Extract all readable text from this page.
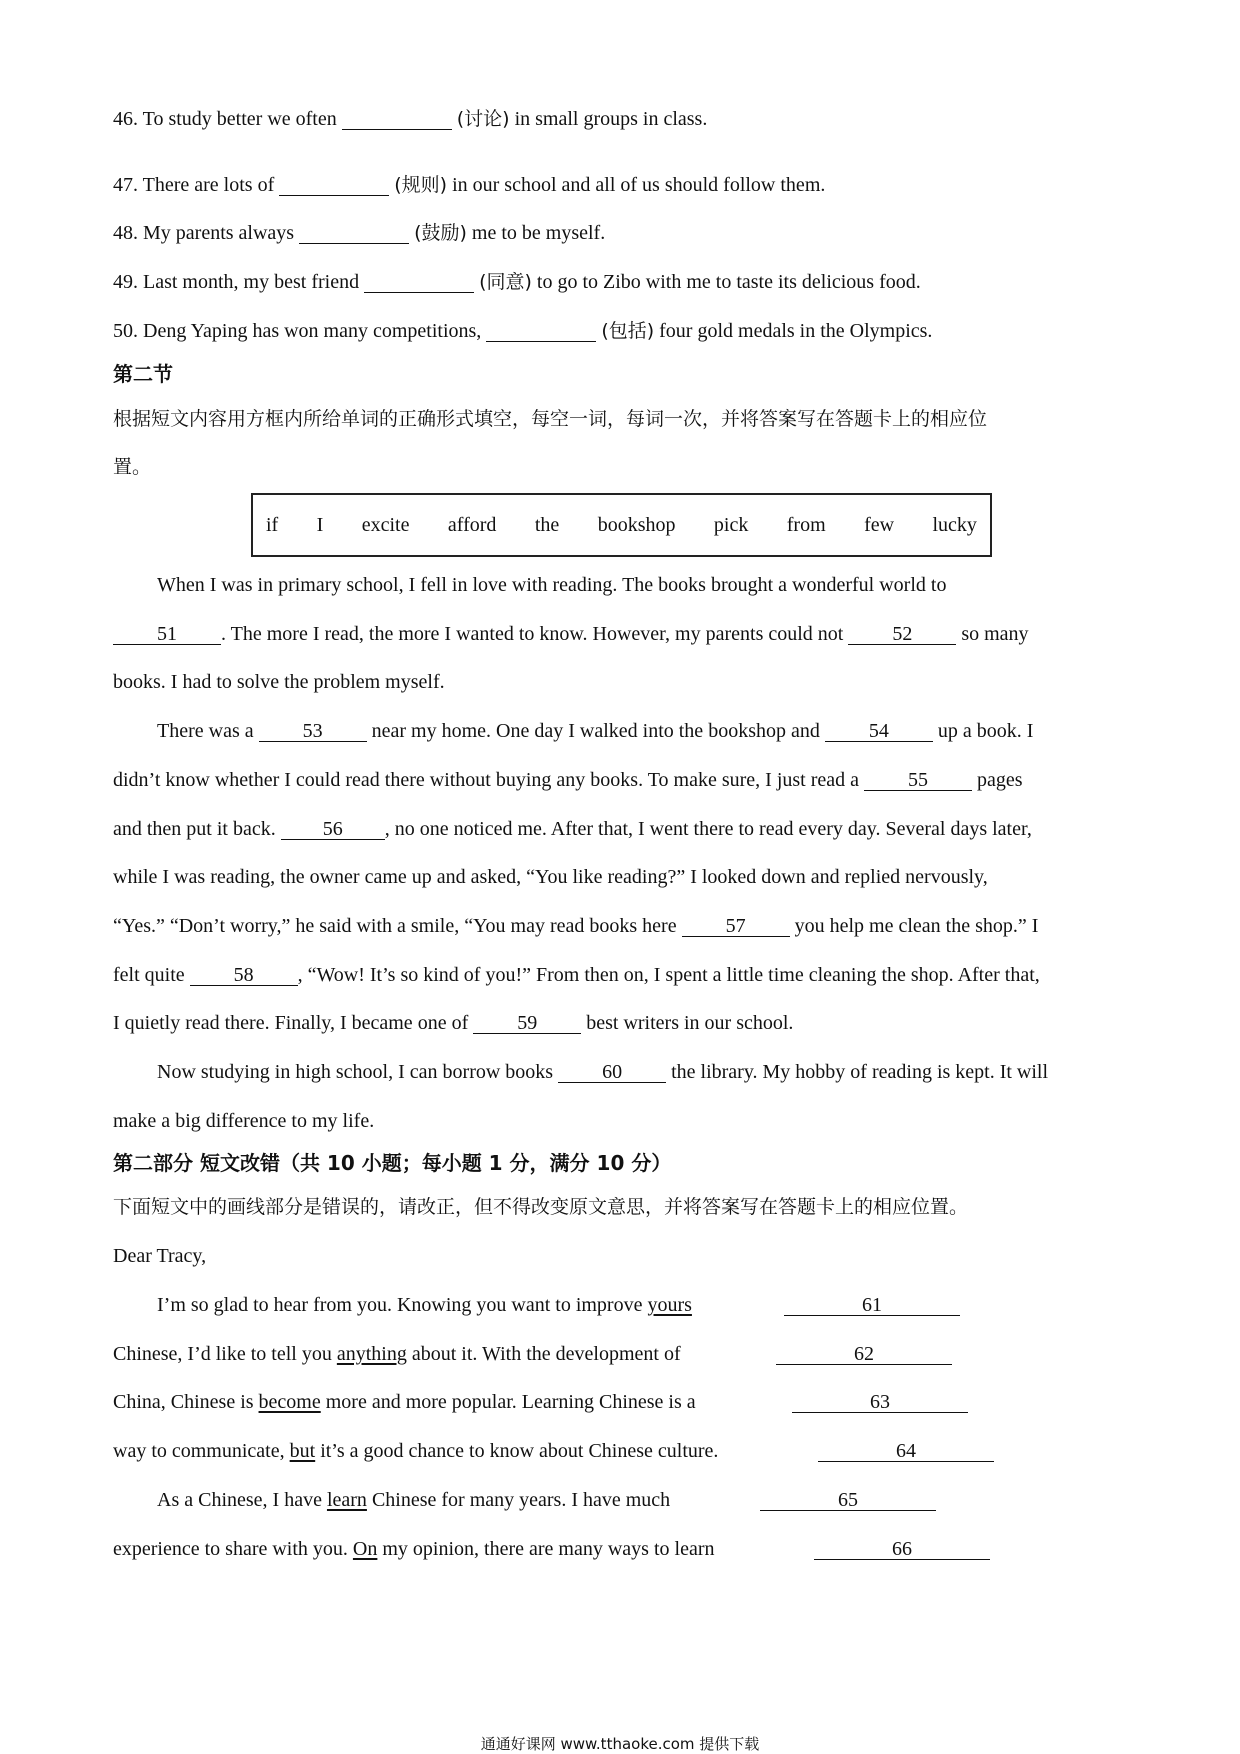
46. To study better we often	(讨论) in small groups in class.
47. There are lots of	(规则) in our school and all of us should follow them.
48. My parents always	(鼓励) me to be myself.
49. Last month, my best friend	(同意) to go to Zibo with me to taste its delicious food.
50. Deng Yaping has won many competitions,	(包括) four gold medals in the Olympics.
第二节
根据短文内容用方框内所给单词的正确形式填空，每空一词，每词一次，并将答案写在答题卡上的相应位
置。
if I excite afford the bookshop pick from few lucky
When I was in primary school, I fell in love with reading. The books brought a wonderful world to
51 . The more I read, the more I wanted to know. However, my parents could not 52 so many
books. I had to solve the problem myself.
There was a 53 near my home. One day I walked into the bookshop and 54 up a book. I
didn’t know whether I could read there without buying any books. To make sure, I just read a 55 pages
and then put it back. 56 , no one noticed me. After that, I went there to read every day. Several days later,
while I was reading, the owner came up and asked, “You like reading?” I looked down and replied nervously,
“Yes.” “Don’t worry,” he said with a smile, “You may read books here 57 you help me clean the shop.” I
felt quite 58 , “Wow! It’s so kind of you!” From then on, I spent a little time cleaning the shop. After that,
I quietly read there. Finally, I became one of 59 best writers in our school.
Now studying in high school, I can borrow books 60 the library. My hobby of reading is kept. It will
make a big difference to my life.
第二部分 短文改错（共 10 小题；每小题 1 分，满分 10 分）
下面短文中的画线部分是错误的，请改正，但不得改变原文意思，并将答案写在答题卡上的相应位置。
Dear Tracy,
I’m so glad to hear from you. Knowing you want to improve yours
Chinese, I’d like to tell you anything about it. With the development of
China, Chinese is become more and more popular. Learning Chinese is a
way to communicate, but it’s a good chance to know about Chinese culture.
As a Chinese, I have learn Chinese for many years. I have much
experience to share with you. On my opinion, there are many ways to learn
61
62
63
64
65
66
通通好课网 www.tthaoke.com 提供下载
